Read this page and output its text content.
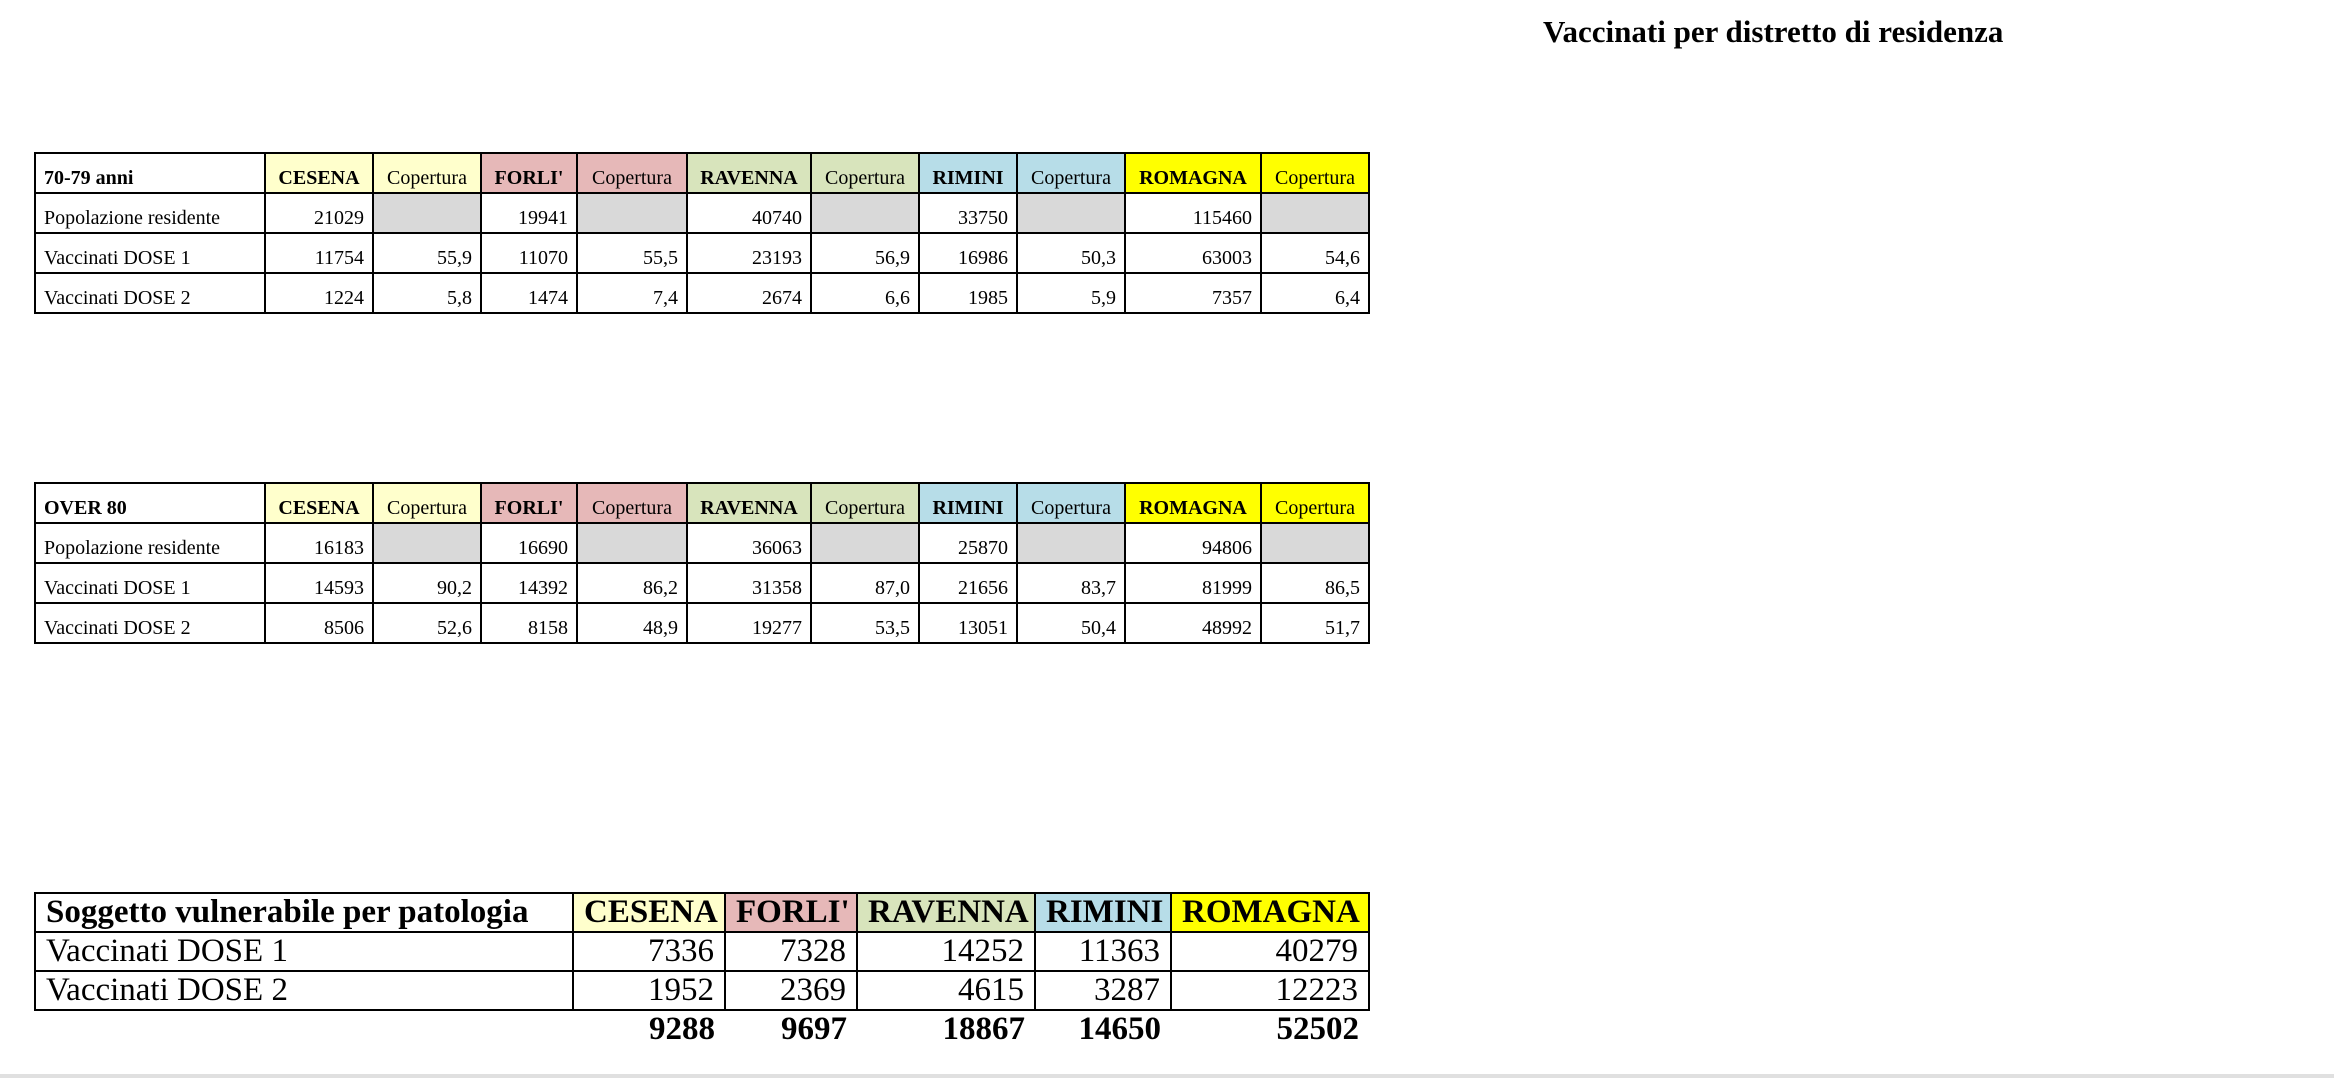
Vaccinati per distretto di residenza
70-79 anni	CESENA	Copertura	FORLI'	Copertura	RAVENNA	Copertura	RIMINI	Copertura	ROMAGNA	Copertura
Popolazione residente	21029		19941		40740		33750		115460	
Vaccinati DOSE 1	11754	55,9	11070	55,5	23193	56,9	16986	50,3	63003	54,6
Vaccinati DOSE 2	1224	5,8	1474	7,4	2674	6,6	1985	5,9	7357	6,4
OVER 80	CESENA	Copertura	FORLI'	Copertura	RAVENNA	Copertura	RIMINI	Copertura	ROMAGNA	Copertura
Popolazione residente	16183		16690		36063		25870		94806	
Vaccinati DOSE 1	14593	90,2	14392	86,2	31358	87,0	21656	83,7	81999	86,5
Vaccinati DOSE 2	8506	52,6	8158	48,9	19277	53,5	13051	50,4	48992	51,7
Soggetto vulnerabile per patologia	CESENA	FORLI'	RAVENNA	RIMINI	ROMAGNA
Vaccinati DOSE 1	7336	7328	14252	11363	40279
Vaccinati DOSE 2	1952	2369	4615	3287	12223
	9288	9697	18867	14650	52502
